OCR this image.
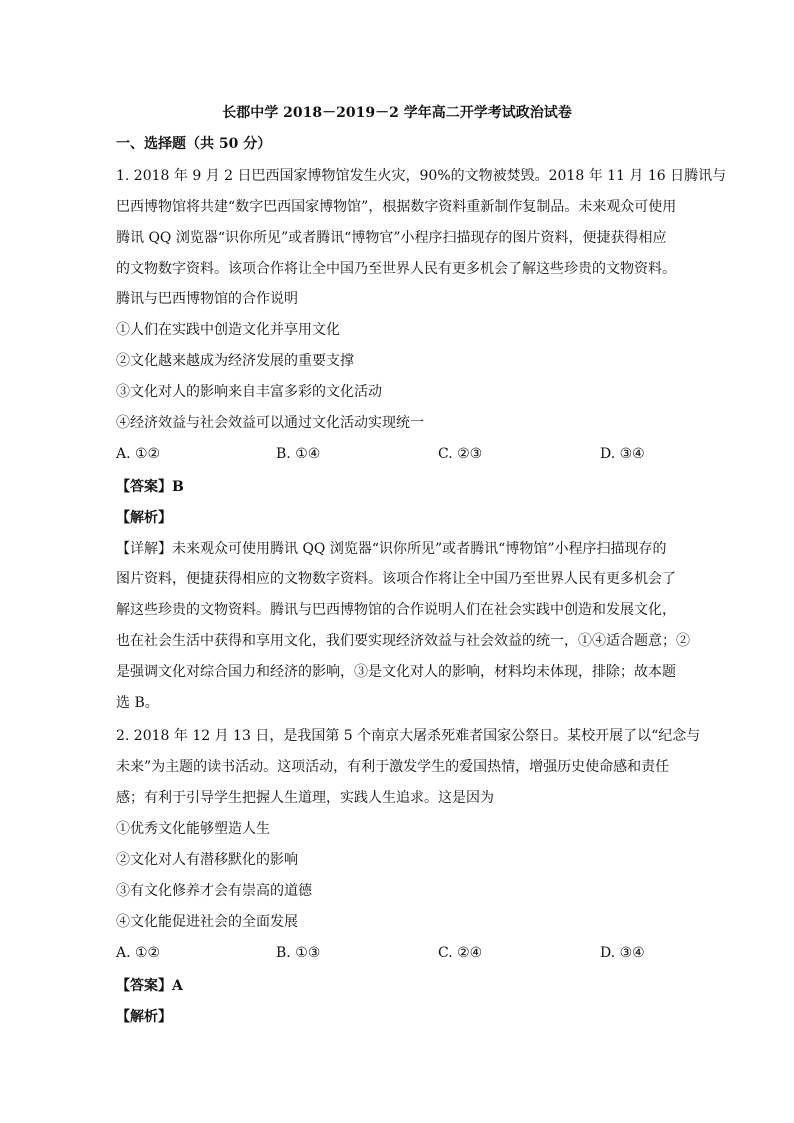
长郡中学 2018－2019－2 学年高二开学考试政治试卷
一、选择题（共 50 分）
1. 2018 年 9 月 2 日巴西国家博物馆发生火灾，90%的文物被焚毁。2018 年 11 月 16 日腾讯与
巴西博物馆将共建“数字巴西国家博物馆”，根据数字资料重新制作复制品。未来观众可使用
腾讯 QQ 浏览器“识你所见”或者腾讯“博物官”小程序扫描现存的图片资料，便捷获得相应
的文物数字资料。该项合作将让全中国乃至世界人民有更多机会了解这些珍贵的文物资料。
腾讯与巴西博物馆的合作说明
①人们在实践中创造文化并享用文化
②文化越来越成为经济发展的重要支撑
③文化对人的影响来自丰富多彩的文化活动
④经济效益与社会效益可以通过文化活动实现统一
A. ①②	B. ①④	C. ②③	D. ③④
【答案】B
【解析】
【详解】未来观众可使用腾讯 QQ 浏览器“识你所见”或者腾讯“博物馆”小程序扫描现存的
图片资料，便捷获得相应的文物数字资料。该项合作将让全中国乃至世界人民有更多机会了
解这些珍贵的文物资料。腾讯与巴西博物馆的合作说明人们在社会实践中创造和发展文化，
也在社会生活中获得和享用文化，我们要实现经济效益与社会效益的统一，①④适合题意；②
是强调文化对综合国力和经济的影响，③是文化对人的影响，材料均未体现，排除；故本题
选 B。
2. 2018 年 12 月 13 日，是我国第 5 个南京大屠杀死难者国家公祭日。某校开展了以“纪念与
未来”为主题的读书活动。这项活动，有利于激发学生的爱国热情，增强历史使命感和责任
感；有利于引导学生把握人生道理，实践人生追求。这是因为
①优秀文化能够塑造人生
②文化对人有潜移默化的影响
③有文化修养才会有崇高的道德
④文化能促进社会的全面发展
A. ①②	B. ①③	C. ②④	D. ③④
【答案】A
【解析】
